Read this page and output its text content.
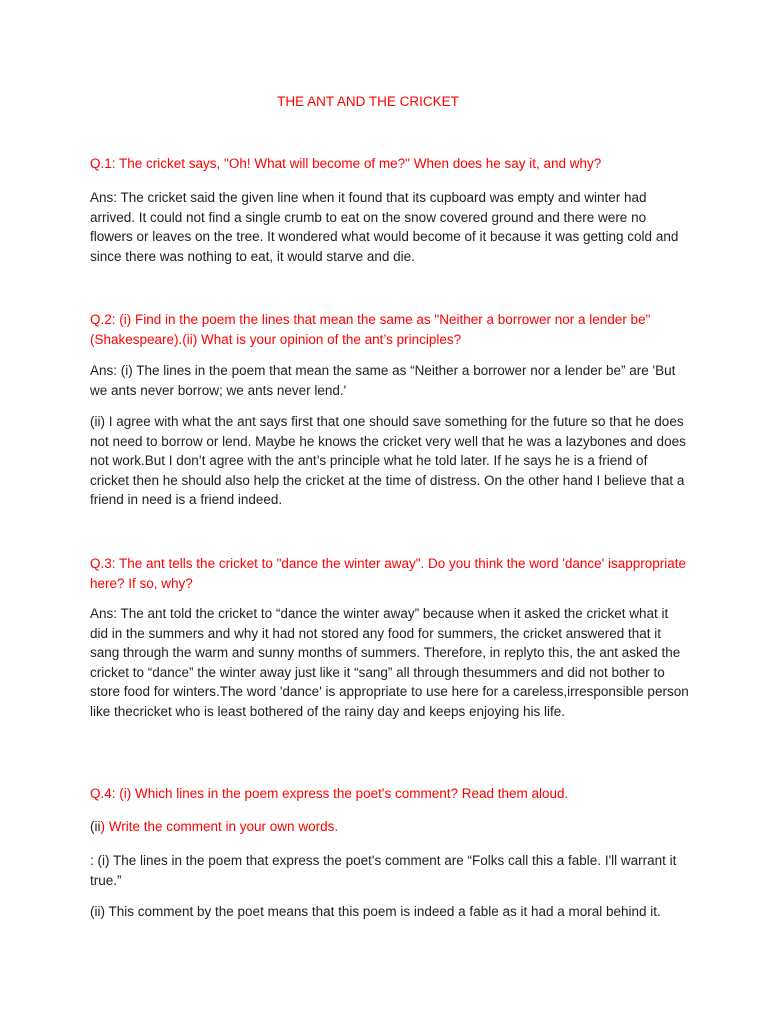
THE ANT AND THE CRICKET
Q.1: The cricket says, "Oh! What will become of me?" When does he say it, and why?
Ans: The cricket said the given line when it found that its cupboard was empty and winter had arrived. It could not find a single crumb to eat on the snow covered ground and there were no flowers or leaves on the tree. It wondered what would become of it because it was getting cold and since there was nothing to eat, it would starve and die.
Q.2: (i) Find in the poem the lines that mean the same as "Neither a borrower nor a lender be" (Shakespeare).(ii) What is your opinion of the ant’s principles?
Ans: (i) The lines in the poem that mean the same as “Neither a borrower nor a lender be” are 'But we ants never borrow; we ants never lend.'
(ii) I agree with what the ant says first that one should save something for the future so that he does not need to borrow or lend. Maybe he knows the cricket very well that he was a lazybones and does not work.But I don’t agree with the ant’s principle what he told later. If he says he is a friend of cricket then he should also help the cricket at the time of distress. On the other hand I believe that a friend in need is a friend indeed.
Q.3: The ant tells the cricket to "dance the winter away". Do you think the word 'dance' isappropriate here? If so, why?
Ans: The ant told the cricket to “dance the winter away” because when it asked the cricket what it did in the summers and why it had not stored any food for summers, the cricket answered that it sang through the warm and sunny months of summers. Therefore, in replyto this, the ant asked the cricket to “dance” the winter away just like it “sang” all through thesummers and did not bother to store food for winters.The word 'dance' is appropriate to use here for a careless,irresponsible person like thecricket who is least bothered of the rainy day and keeps enjoying his life.
Q.4: (i) Which lines in the poem express the poet's comment? Read them aloud.
(ii) Write the comment in your own words.
: (i) The lines in the poem that express the poet's comment are “Folks call this a fable. I'll warrant it true.”
(ii) This comment by the poet means that this poem is indeed a fable as it had a moral behind it.
